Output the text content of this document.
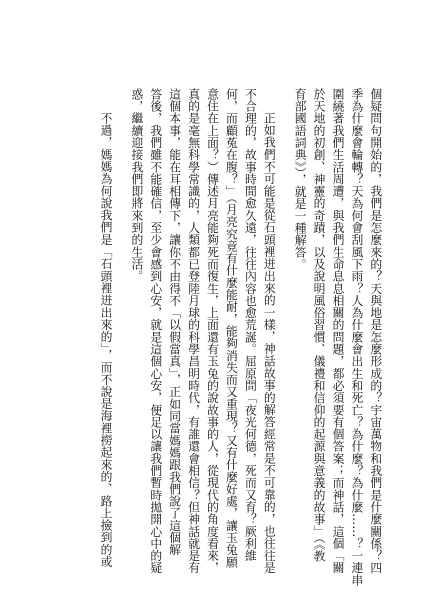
個疑問句開始的，我們是怎麼來的？天與地是怎麼形成的？宇宙萬物和我們是什麼關係？四
季為什麼會輪轉？天為何會刮風下雨？人為什麼會出生和死亡？為什麼？為什麼……？一連串
圍繞著我們生活周遭，與我們生命息息相關的問題，都必須要有個答案；而神話，這個「關
於天地的初創、神靈的奇蹟，以及說明風俗習慣、儀禮和信仰的起源與意義的故事」（《教
育部國語詞典》），就是一種解答。
正如我們不可能是從石頭裡迸出來的一樣，神話故事的解答經常是不可靠的，也往往是
不合理的，故事時間愈久遠，往往內容也愈荒誕。屈原問「夜光何德，死而又育？厥利維
何，而顧菟在腹？」（月亮究竟有什麼能耐，能夠消失而又重現？又有什麼好處，讓玉兔願
意住在上面？）傳述月亮能夠死而復生，上面還有玉兔的說故事的人，從現代的角度看來，
真的是毫無科學常識的，人類都已登陸月球的科學昌明時代，有誰還會相信？但神話就是有
這個本事，能在耳相傳下，讓你不由得不「以假當真」，正如同當媽媽跟我們說了這個解
答後，我們雖不能確信，至少會感到心安，就是這個心安，便足以讓我們暫時拋開心中的疑
惑，繼續迎接我們即將來到的生活。
不過，媽媽為何說我們是「石頭裡迸出來的」，而不說是海裡撈起來的、路上撿到的或
